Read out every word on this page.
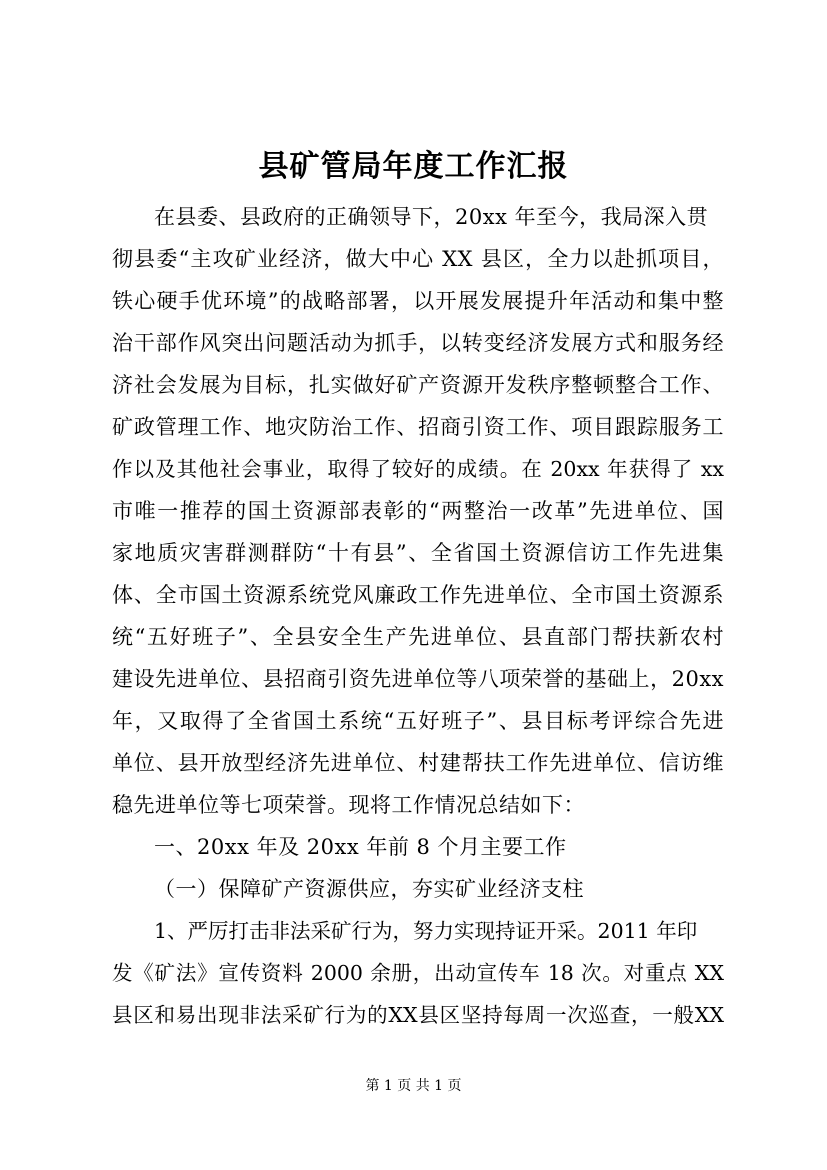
县矿管局年度工作汇报
在县委、县政府的正确领导下，20xx 年至今，我局深入贯
彻县委“主攻矿业经济，做大中心 XX 县区，全力以赴抓项目，
铁心硬手优环境”的战略部署，以开展发展提升年活动和集中整
治干部作风突出问题活动为抓手，以转变经济发展方式和服务经
济社会发展为目标，扎实做好矿产资源开发秩序整顿整合工作、
矿政管理工作、地灾防治工作、招商引资工作、项目跟踪服务工
作以及其他社会事业，取得了较好的成绩。在 20xx 年获得了 xx
市唯一推荐的国土资源部表彰的“两整治一改革”先进单位、国
家地质灾害群测群防“十有县”、全省国土资源信访工作先进集
体、全市国土资源系统党风廉政工作先进单位、全市国土资源系
统“五好班子”、全县安全生产先进单位、县直部门帮扶新农村
建设先进单位、县招商引资先进单位等八项荣誉的基础上，20xx
年，又取得了全省国土系统“五好班子”、县目标考评综合先进
单位、县开放型经济先进单位、村建帮扶工作先进单位、信访维
稳先进单位等七项荣誉。现将工作情况总结如下：
一、20xx 年及 20xx 年前 8 个月主要工作
（一）保障矿产资源供应，夯实矿业经济支柱
1、严厉打击非法采矿行为，努力实现持证开采。2011 年印
发《矿法》宣传资料 2000 余册，出动宣传车 18 次。对重点 XX
县区和易出现非法采矿行为的XX县区坚持每周一次巡查，一般XX
第 1 页 共 1 页
